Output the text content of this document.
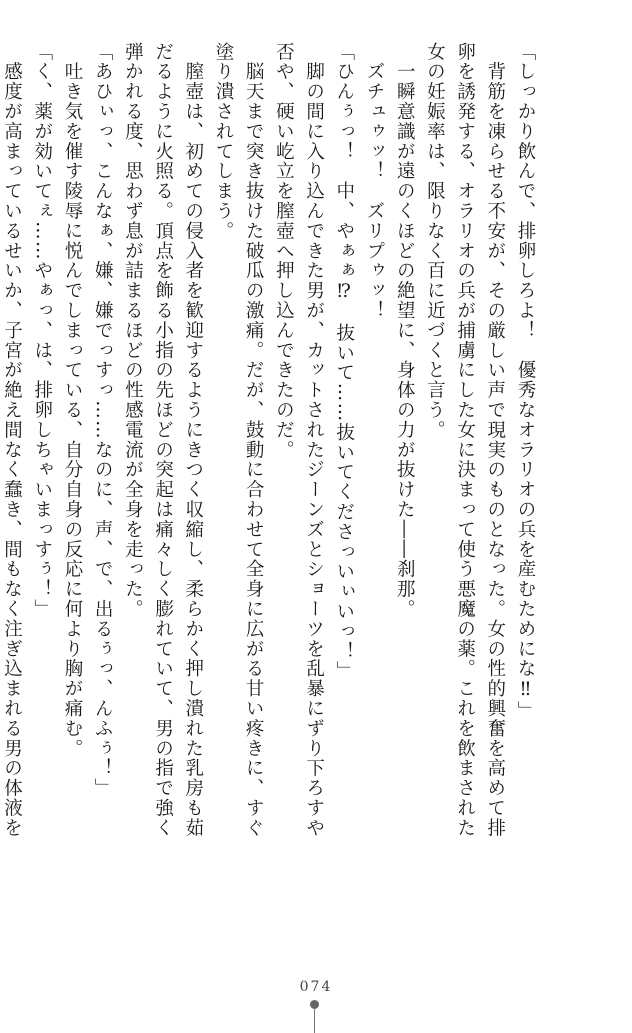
「しっかり飲んで、排卵しろよ！　優秀なオラリオの兵を産むためにな‼」
　背筋を凍らせる不安が、その厳しい声で現実のものとなった。女の性的興奮を高めて排
卵を誘発する、オラリオの兵が捕虜にした女に決まって使う悪魔の薬。これを飲まされた
女の妊娠率は、限りなく百に近づくと言う。
　一瞬意識が遠のくほどの絶望に、身体の力が抜けた――刹那。
　ズチュゥッ！　ズリプゥッ！
「ひんぅっ！　中、やぁぁ⁉　抜いて……抜いてくださっいぃいっ！」
　脚の間に入り込んできた男が、カットされたジーンズとショーツを乱暴にずり下ろすや
否や、硬い屹立を膣壺へ押し込んできたのだ。
　脳天まで突き抜けた破瓜の激痛。だが、鼓動に合わせて全身に広がる甘い疼きに、すぐ
塗り潰されてしまう。
　膣壺は、初めての侵入者を歓迎するようにきつく収縮し、柔らかく押し潰れた乳房も茹
だるように火照る。頂点を飾る小指の先ほどの突起は痛々しく膨れていて、男の指で強く
弾かれる度、思わず息が詰まるほどの性感電流が全身を走った。
「あひぃっ、こんなぁ、嫌、嫌でっすっ……なのに、声、で、出るぅっ、んふぅ！」
　吐き気を催す陵辱に悦んでしまっている、自分自身の反応に何より胸が痛む。
「く、薬が効いてぇ……やぁっ、は、排卵しちゃいまっすぅ！」
　感度が高まっているせいか、子宮が絶え間なく蠢き、間もなく注ぎ込まれる男の体液を
074
